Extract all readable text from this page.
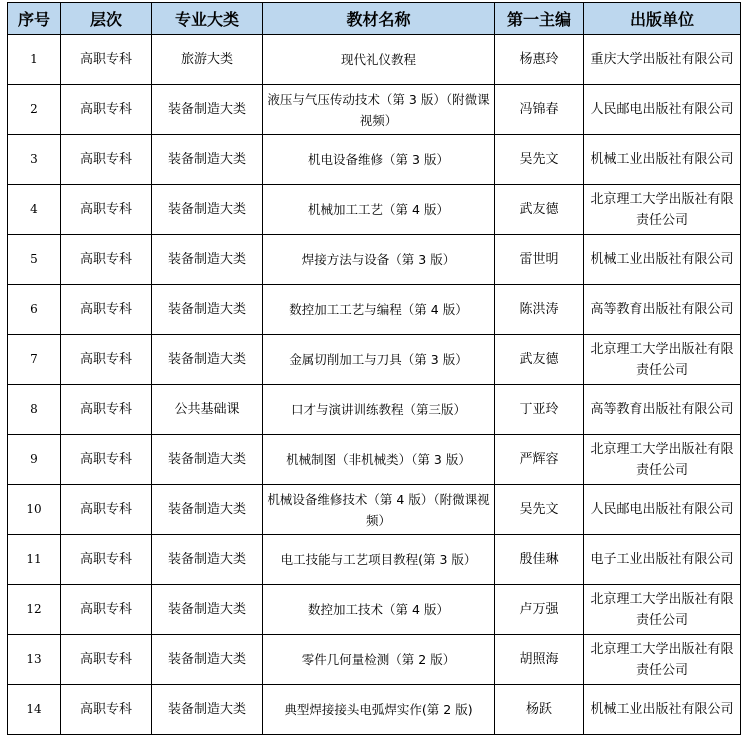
序号	层次	专业大类	教材名称	第一主编	出版单位
1	高职专科	旅游大类	现代礼仪教程	杨惠玲	重庆大学出版社有限公司
2	高职专科	装备制造大类	液压与气压传动技术（第 3 版）（附微课视频）	冯锦春	人民邮电出版社有限公司
3	高职专科	装备制造大类	机电设备维修（第 3 版）	吴先文	机械工业出版社有限公司
4	高职专科	装备制造大类	机械加工工艺（第 4 版）	武友德	北京理工大学出版社有限责任公司
5	高职专科	装备制造大类	焊接方法与设备（第 3 版）	雷世明	机械工业出版社有限公司
6	高职专科	装备制造大类	数控加工工艺与编程（第 4 版）	陈洪涛	高等教育出版社有限公司
7	高职专科	装备制造大类	金属切削加工与刀具（第 3 版）	武友德	北京理工大学出版社有限责任公司
8	高职专科	公共基础课	口才与演讲训练教程（第三版）	丁亚玲	高等教育出版社有限公司
9	高职专科	装备制造大类	机械制图（非机械类）（第 3 版）	严辉容	北京理工大学出版社有限责任公司
10	高职专科	装备制造大类	机械设备维修技术（第 4 版）（附微课视频）	吴先文	人民邮电出版社有限公司
11	高职专科	装备制造大类	电工技能与工艺项目教程(第 3 版）	殷佳琳	电子工业出版社有限公司
12	高职专科	装备制造大类	数控加工技术（第 4 版）	卢万强	北京理工大学出版社有限责任公司
13	高职专科	装备制造大类	零件几何量检测（第 2 版）	胡照海	北京理工大学出版社有限责任公司
14	高职专科	装备制造大类	典型焊接接头电弧焊实作(第 2 版)	杨跃	机械工业出版社有限公司
